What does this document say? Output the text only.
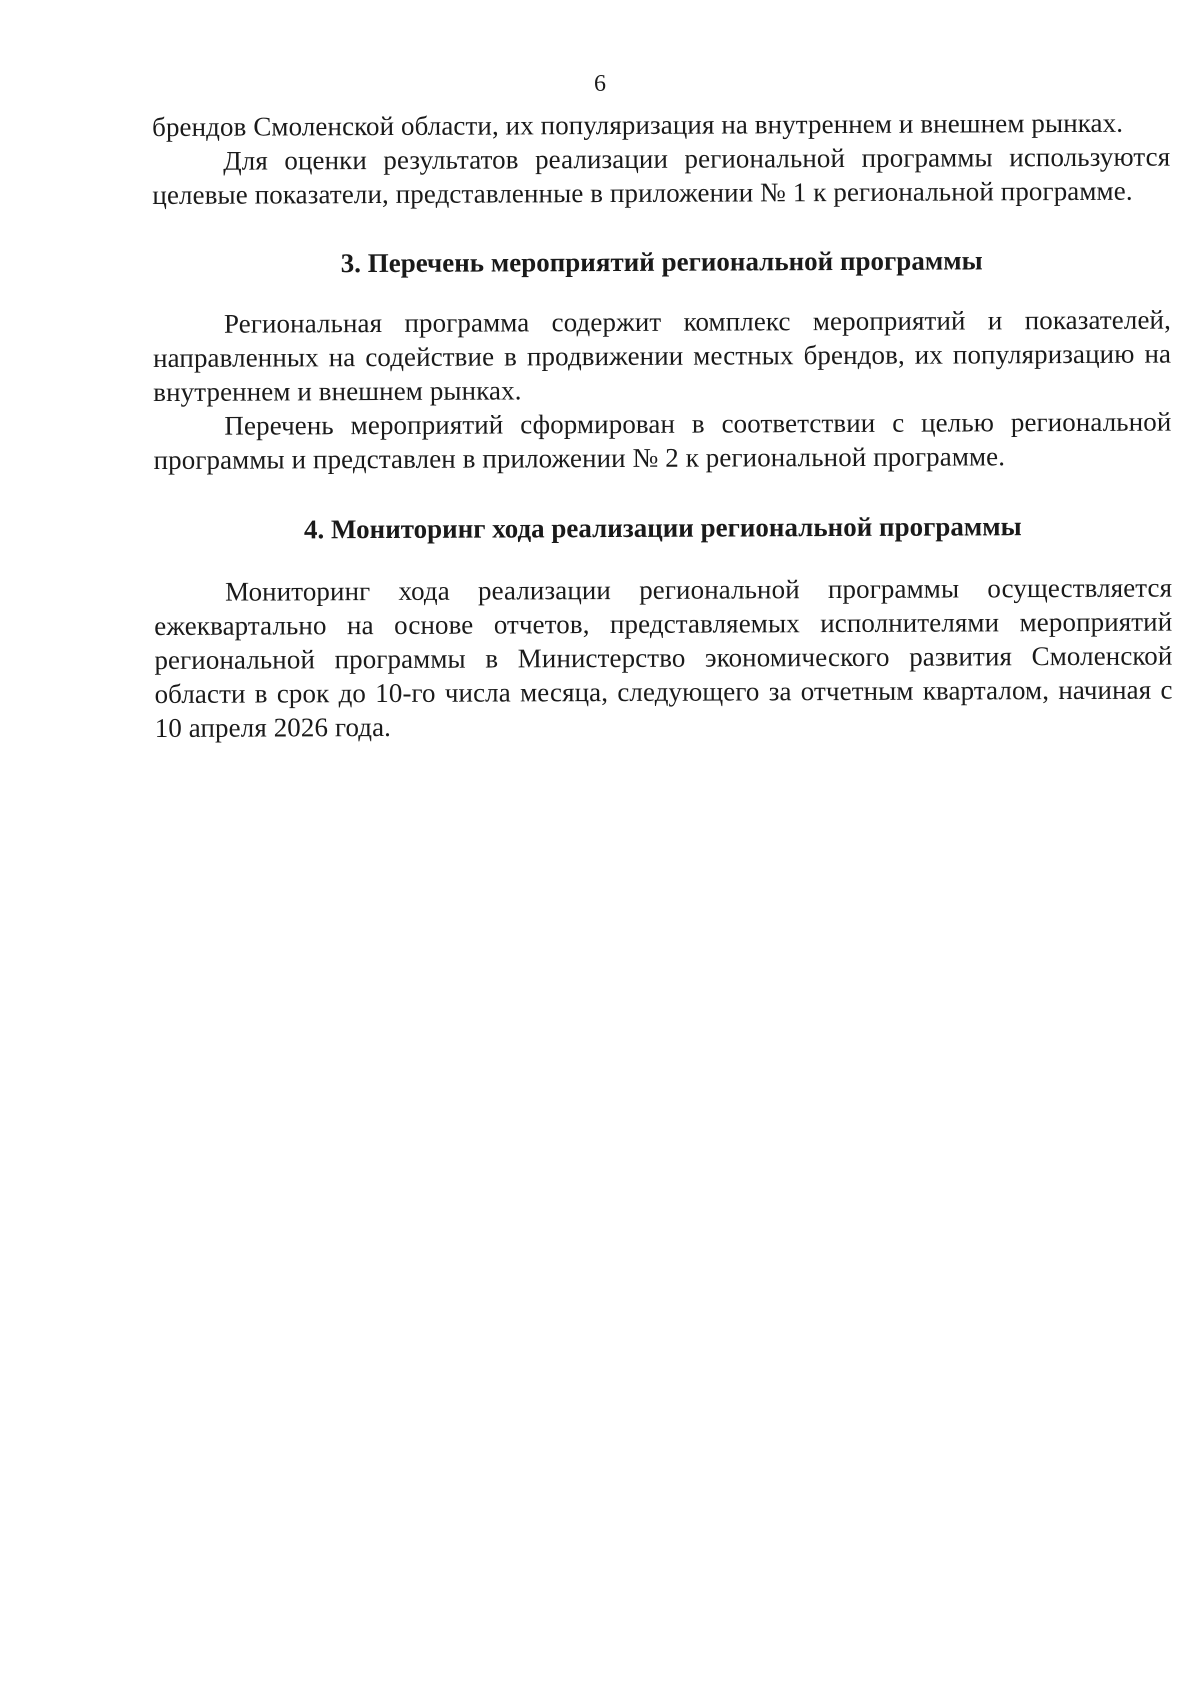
6

брендов Смоленской области, их популяризация на внутреннем и внешнем рынках.

Для оценки результатов реализации региональной программы используются целевые показатели, представленные в приложении № 1 к региональной программе.

3. Перечень мероприятий региональной программы

Региональная программа содержит комплекс мероприятий и показателей, направленных на содействие в продвижении местных брендов, их популяризацию на внутреннем и внешнем рынках.

Перечень мероприятий сформирован в соответствии с целью региональной программы и представлен в приложении № 2 к региональной программе.

4. Мониторинг хода реализации региональной программы

Мониторинг хода реализации региональной программы осуществляется ежеквартально на основе отчетов, представляемых исполнителями мероприятий региональной программы в Министерство экономического развития Смоленской области в срок до 10-го числа месяца, следующего за отчетным кварталом, начиная с 10 апреля 2026 года.
